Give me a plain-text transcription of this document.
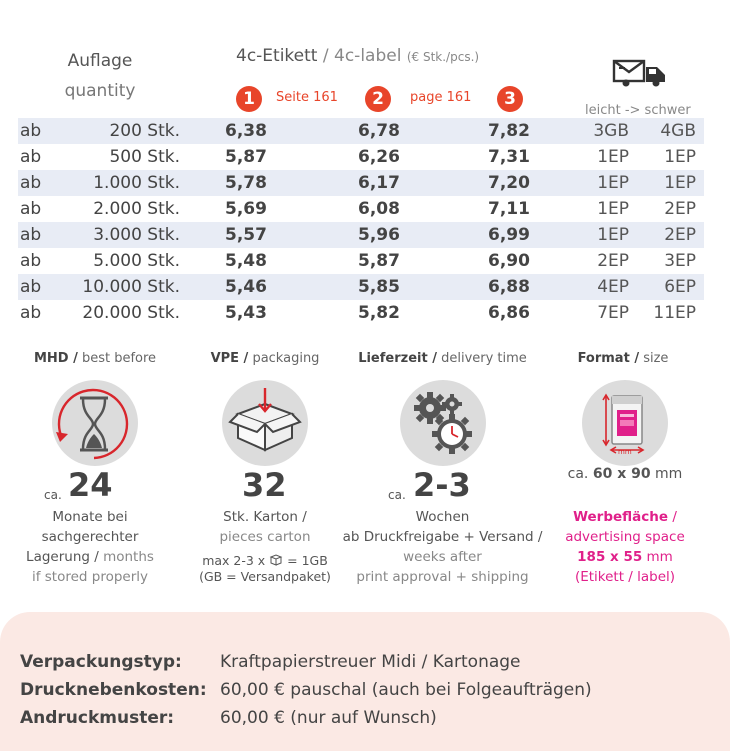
Auflage
quantity
4c-Etikett / 4c-label (€ Stk./pcs.)
1	Seite 161	2	page 161	3
leicht -> schwer
ab	200 Stk.	6,38	6,78	7,82	3GB	4GB
ab	500 Stk.	5,87	6,26	7,31	1EP	1EP
ab	1.000 Stk.	5,78	6,17	7,20	1EP	1EP
ab	2.000 Stk.	5,69	6,08	7,11	1EP	2EP
ab	3.000 Stk.	5,57	5,96	6,99	1EP	2EP
ab	5.000 Stk.	5,48	5,87	6,90	2EP	3EP
ab	10.000 Stk.	5,46	5,85	6,88	4EP	6EP
ab	20.000 Stk.	5,43	5,82	6,86	7EP	11EP
MHD / best before
ca. 24
Monate bei
sachgerechter
Lagerung / months
if stored properly
VPE / packaging
32
Stk. Karton /
pieces carton
max 2-3 x  = 1GB
(GB = Versandpaket)
Lieferzeit / delivery time
ca. 2-3
Wochen
ab Druckfreigabe + Versand /
weeks after
print approval + shipping
Format / size
mm
ca. 60 x 90 mm
Werbefläche /
advertising space
185 x 55 mm
(Etikett / label)
Verpackungstyp: Kraftpapierstreuer Midi / Kartonage
Drucknebenkosten: 60,00 € pauschal (auch bei Folgeaufträgen)
Andruckmuster:	60,00 € (nur auf Wunsch)
